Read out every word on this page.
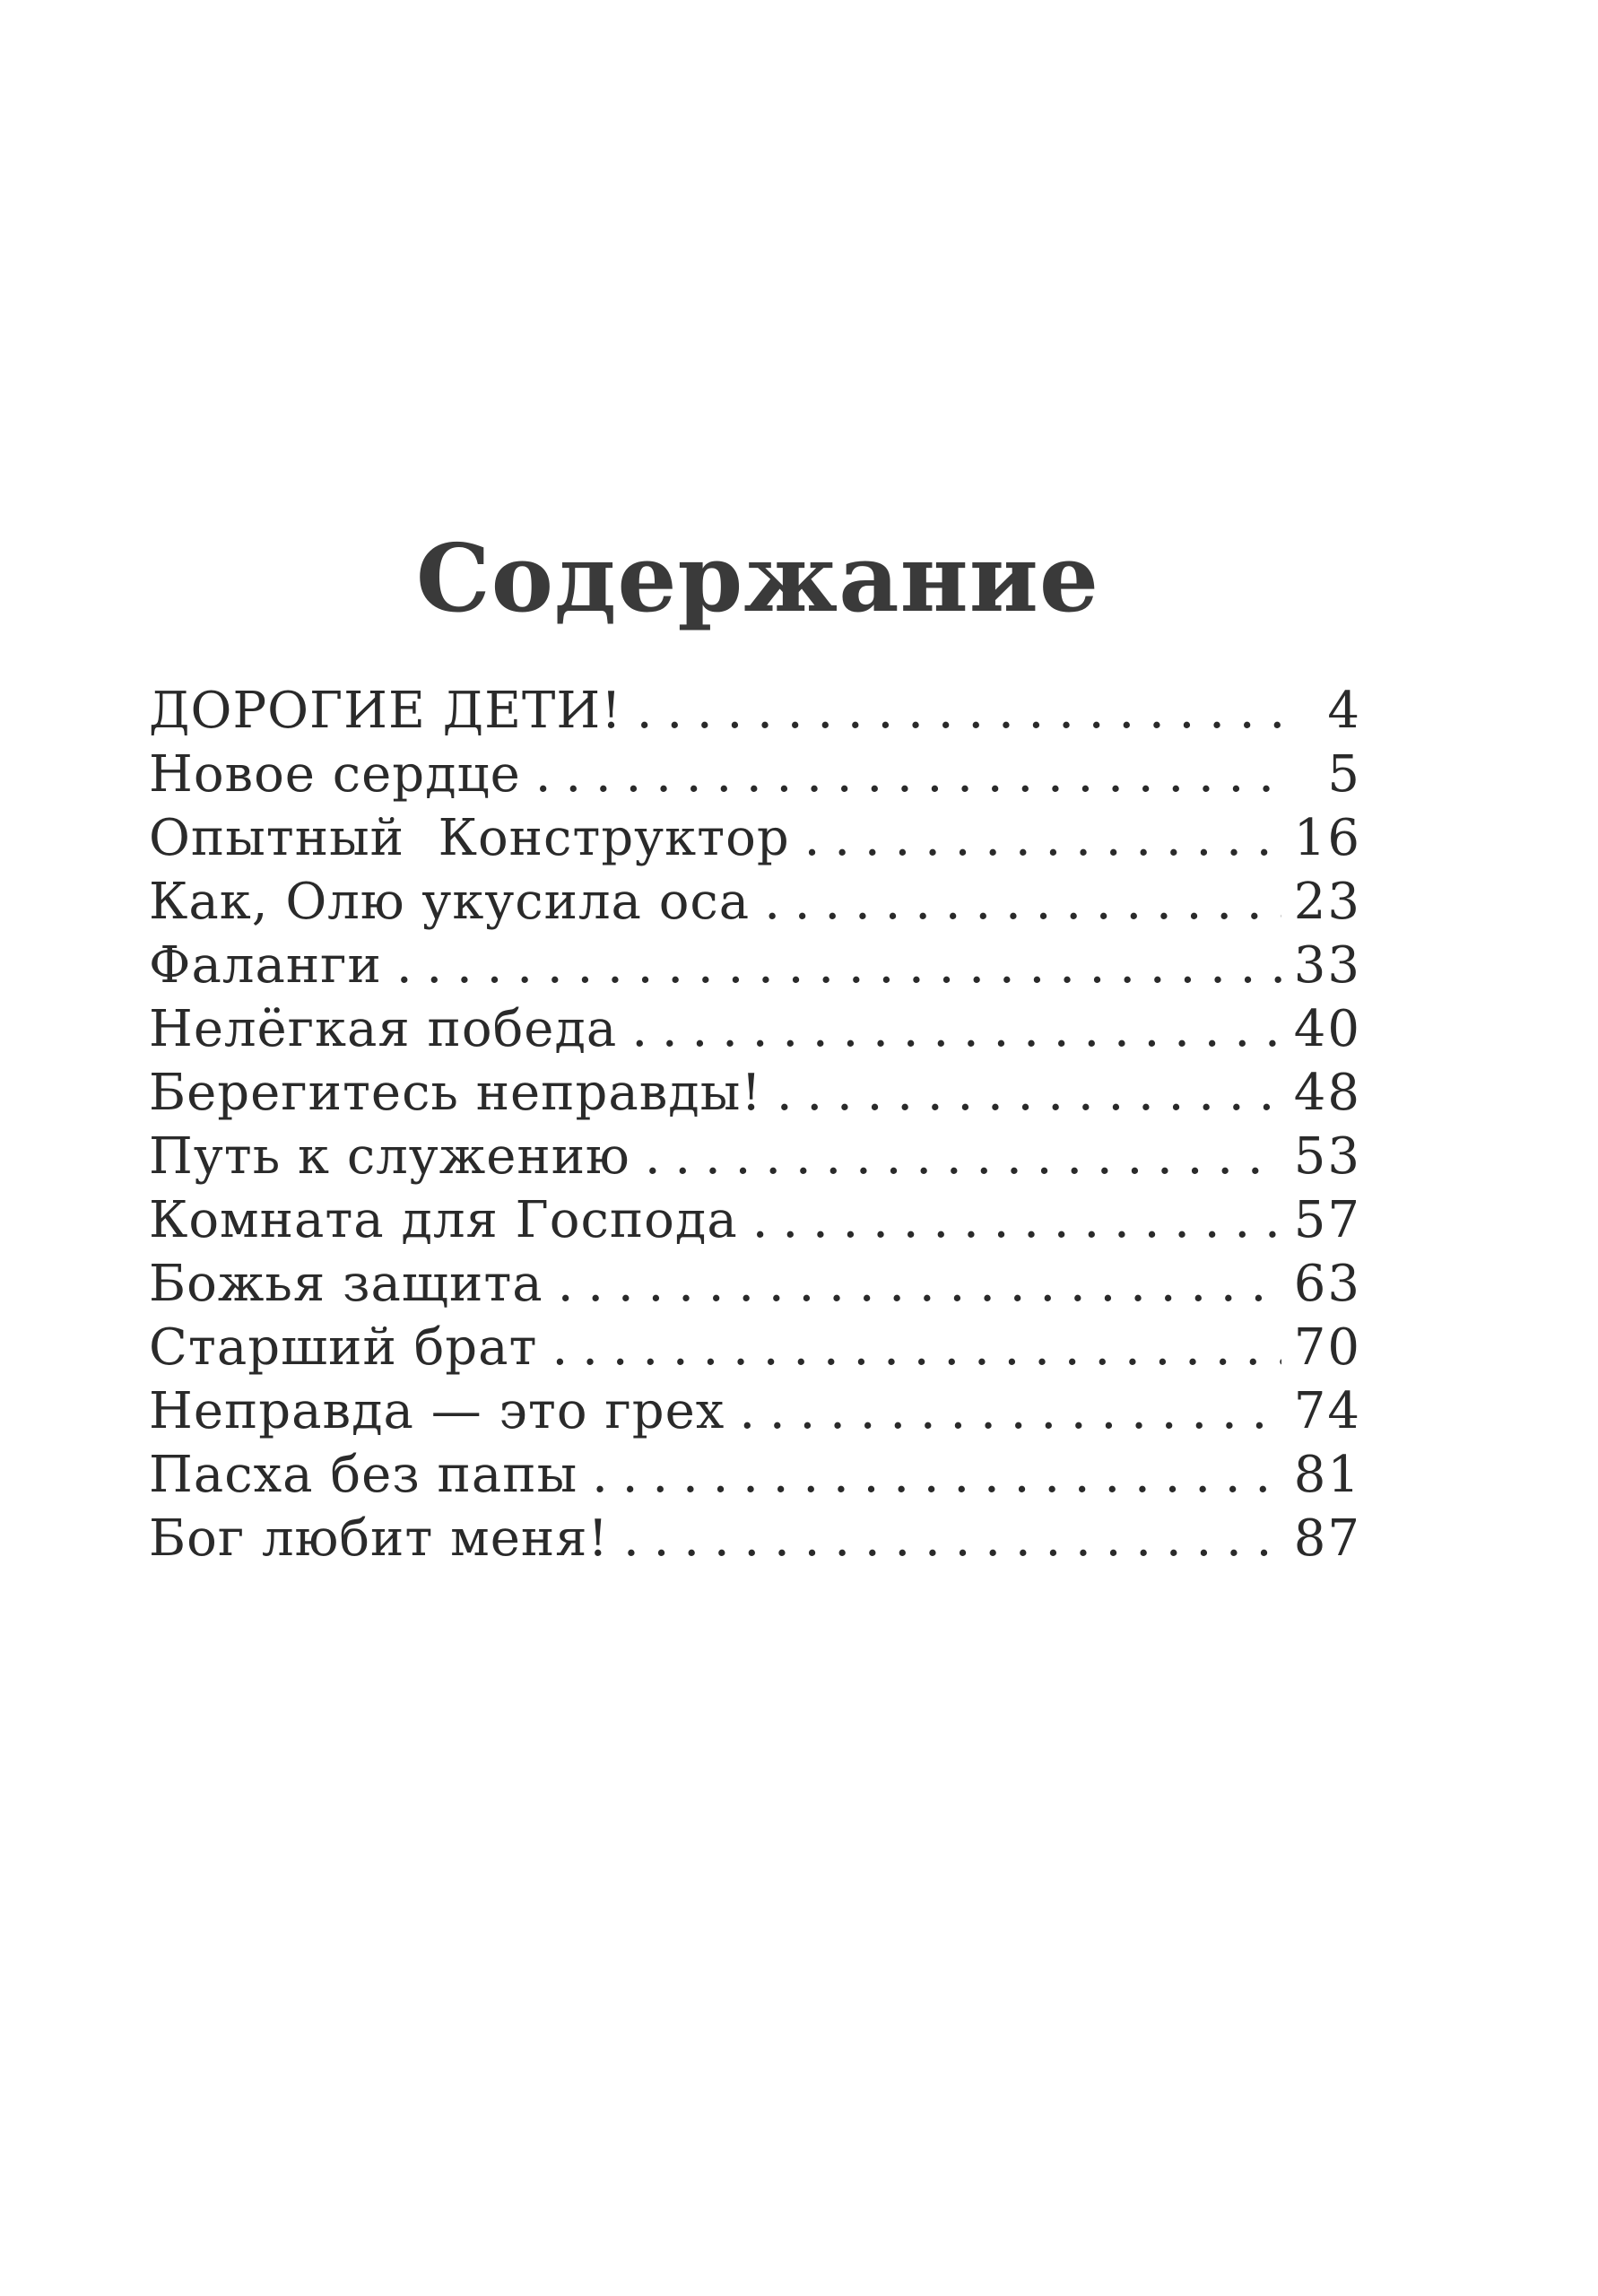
Содержание
ДОРОГИЕ ДЕТИ! . . .	4
Новое сердце . . .	5
Опытный  Конструктор . . .	16
Как, Олю укусила оса . . .	23
Фаланги . . .	33
Нелёгкая победа . . .	40
Берегитесь неправды! . . .	48
Путь к служению . . .	53
Комната для Господа . . .	57
Божья защита . . .	63
Старший брат . . .	70
Неправда — это грех . . .	74
Пасха без папы . . .	81
Бог любит меня! . . .	87
